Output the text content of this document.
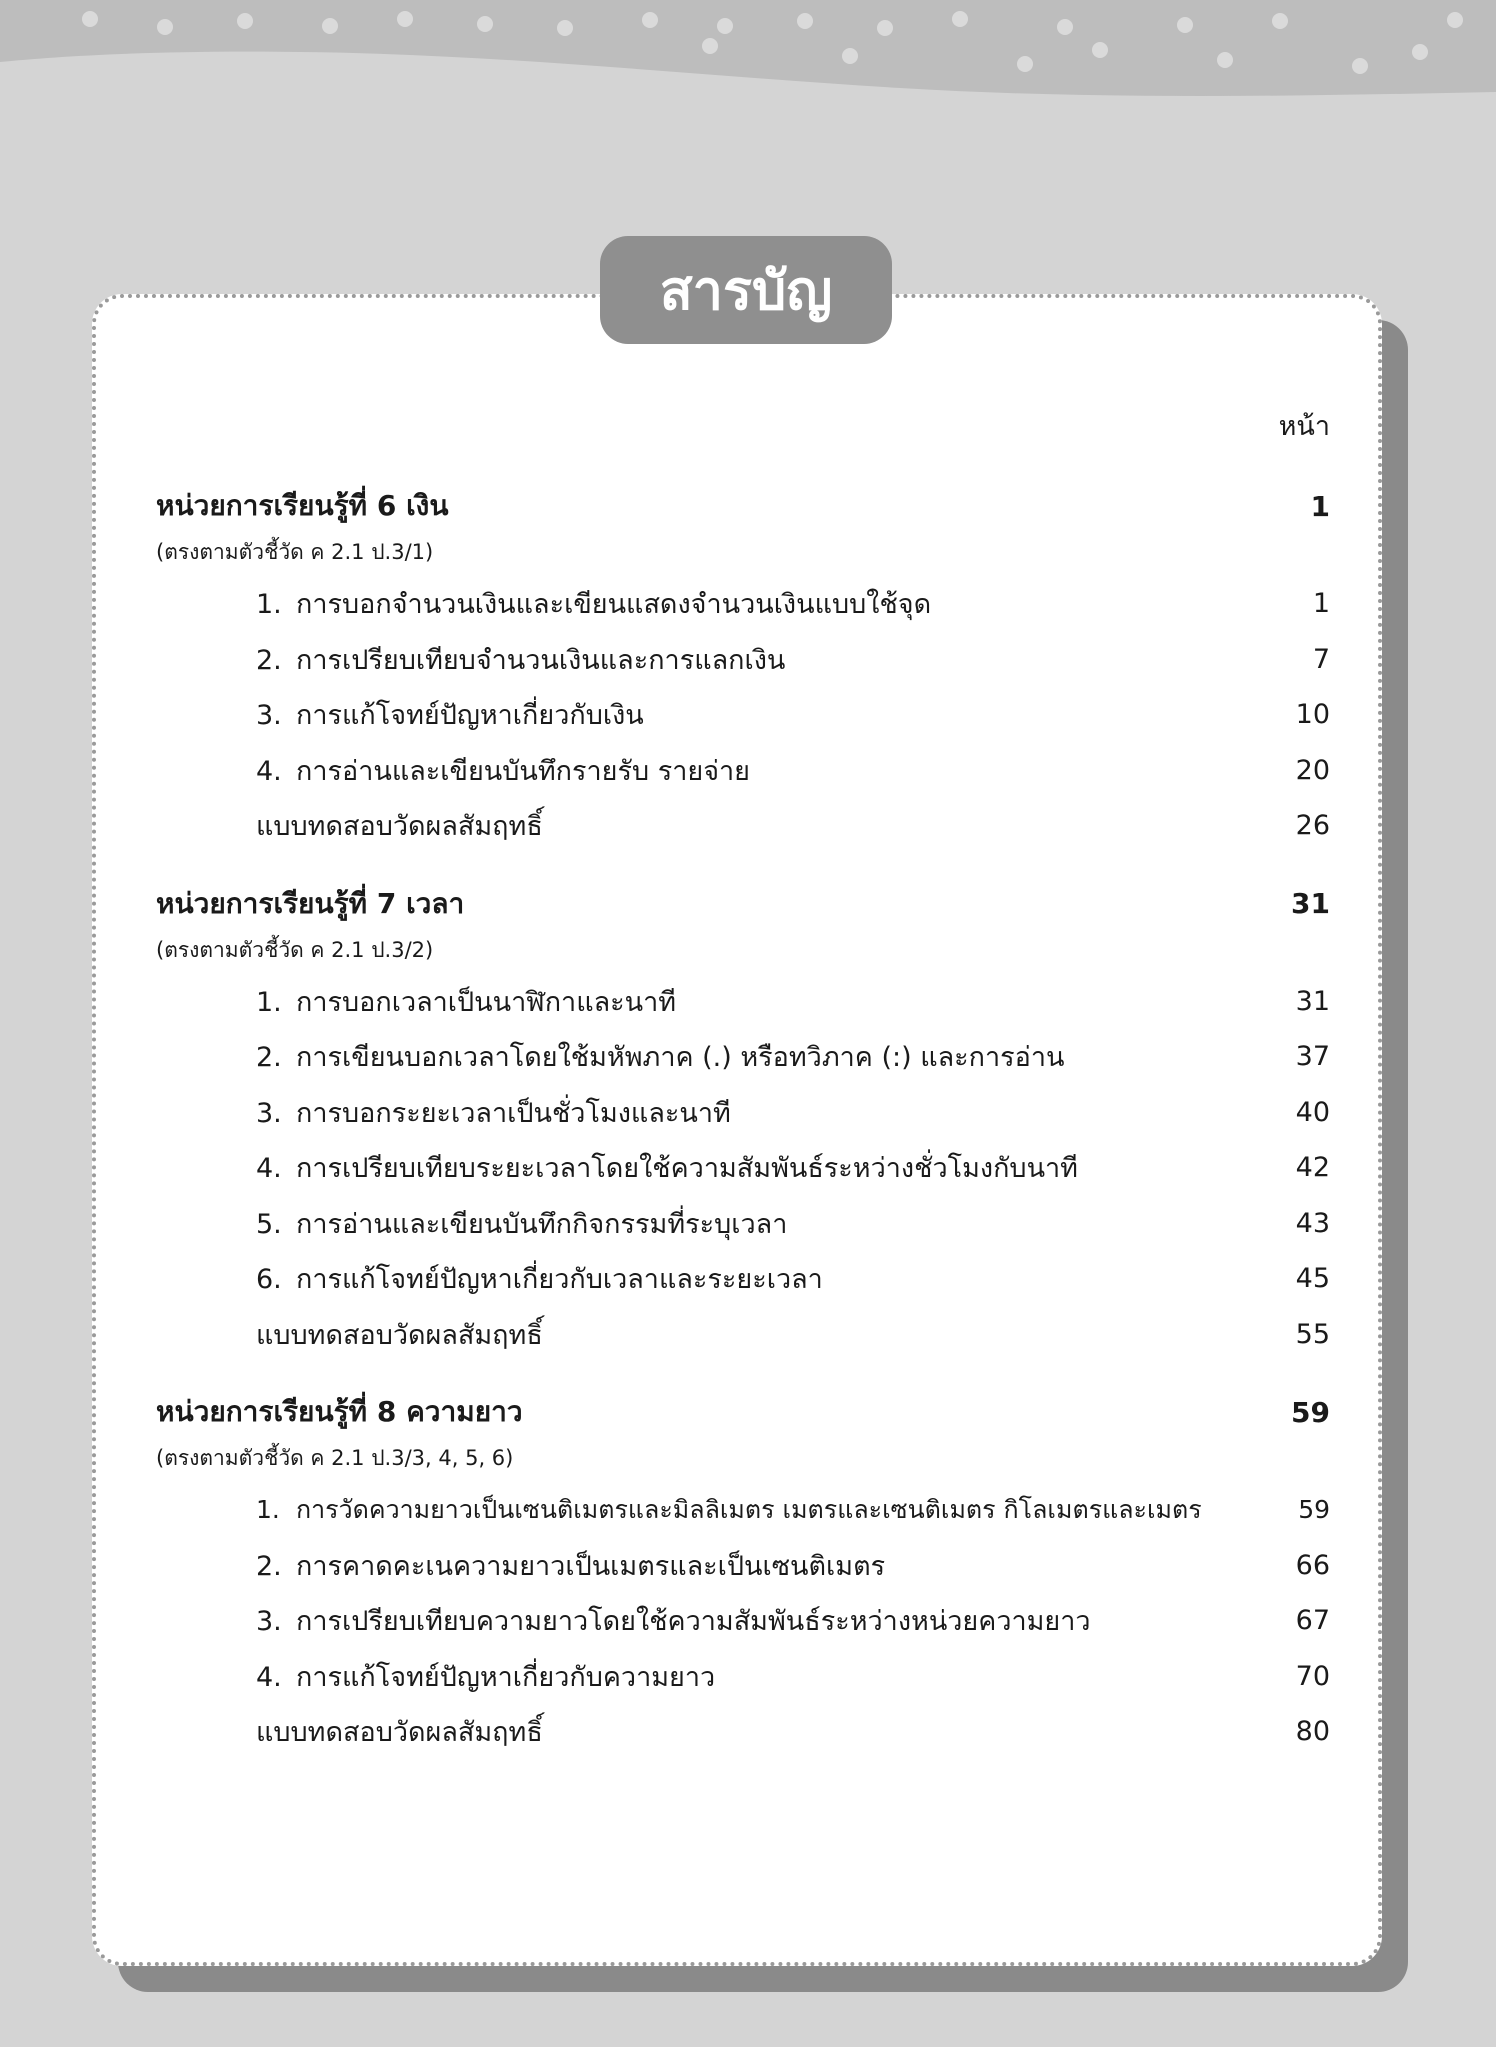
สารบัญ
หน้า
หน่วยการเรียนรู้ที่ 6 เงิน	1
(ตรงตามตัวชี้วัด ค 2.1 ป.3/1)
1. การบอกจำนวนเงินและเขียนแสดงจำนวนเงินแบบใช้จุด	1
2. การเปรียบเทียบจำนวนเงินและการแลกเงิน	7
3. การแก้โจทย์ปัญหาเกี่ยวกับเงิน	10
4. การอ่านและเขียนบันทึกรายรับ รายจ่าย	20
แบบทดสอบวัดผลสัมฤทธิ์	26
หน่วยการเรียนรู้ที่ 7 เวลา	31
(ตรงตามตัวชี้วัด ค 2.1 ป.3/2)
1. การบอกเวลาเป็นนาฬิกาและนาที	31
2. การเขียนบอกเวลาโดยใช้มหัพภาค (.) หรือทวิภาค (:) และการอ่าน	37
3. การบอกระยะเวลาเป็นชั่วโมงและนาที	40
4. การเปรียบเทียบระยะเวลาโดยใช้ความสัมพันธ์ระหว่างชั่วโมงกับนาที	42
5. การอ่านและเขียนบันทึกกิจกรรมที่ระบุเวลา	43
6. การแก้โจทย์ปัญหาเกี่ยวกับเวลาและระยะเวลา	45
แบบทดสอบวัดผลสัมฤทธิ์	55
หน่วยการเรียนรู้ที่ 8 ความยาว	59
(ตรงตามตัวชี้วัด ค 2.1 ป.3/3, 4, 5, 6)
1. การวัดความยาวเป็นเซนติเมตรและมิลลิเมตร เมตรและเซนติเมตร กิโลเมตรและเมตร	59
2. การคาดคะเนความยาวเป็นเมตรและเป็นเซนติเมตร	66
3. การเปรียบเทียบความยาวโดยใช้ความสัมพันธ์ระหว่างหน่วยความยาว	67
4. การแก้โจทย์ปัญหาเกี่ยวกับความยาว	70
แบบทดสอบวัดผลสัมฤทธิ์	80
